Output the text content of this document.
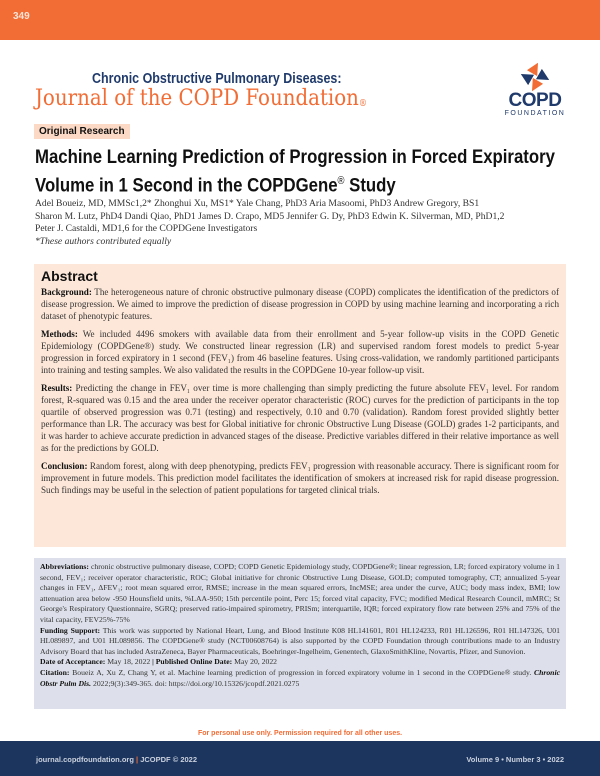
349
Chronic Obstructive Pulmonary Diseases:
Journal of the COPD Foundation®	COPD
FOUNDATION
Original Research
Machine Learning Prediction of Progression in Forced Expiratory Volume in 1 Second in the COPDGene® Study
Adel Boueiz, MD, MMSc1,2* Zhonghui Xu, MS1* Yale Chang, PhD3 Aria Masoomi, PhD3 Andrew Gregory, BS1
Sharon M. Lutz, PhD4 Dandi Qiao, PhD1 James D. Crapo, MD5 Jennifer G. Dy, PhD3 Edwin K. Silverman, MD, PhD1,2
Peter J. Castaldi, MD1,6 for the COPDGene Investigators
*These authors contributed equally
Abstract

Background: The heterogeneous nature of chronic obstructive pulmonary disease (COPD) complicates the identification of the predictors of disease progression. We aimed to improve the prediction of disease progression in COPD by using machine learning and incorporating a rich dataset of phenotypic features.

Methods: We included 4496 smokers with available data from their enrollment and 5-year follow-up visits in the COPD Genetic Epidemiology (COPDGene®) study. We constructed linear regression (LR) and supervised random forest models to predict 5-year progression in forced expiratory in 1 second (FEV₁) from 46 baseline features. Using cross-validation, we randomly partitioned participants into training and testing samples. We also validated the results in the COPDGene 10-year follow-up visit.

Results: Predicting the change in FEV₁ over time is more challenging than simply predicting the future absolute FEV₁ level. For random forest, R-squared was 0.15 and the area under the receiver operator characteristic (ROC) curves for the prediction of participants in the top quartile of observed progression was 0.71 (testing) and respectively, 0.10 and 0.70 (validation). Random forest provided slightly better performance than LR. The accuracy was best for Global initiative for chronic Obstructive Lung Disease (GOLD) grades 1-2 participants, and it was harder to achieve accurate prediction in advanced stages of the disease. Predictive variables differed in their relative importance as well as for the predictions by GOLD.

Conclusion: Random forest, along with deep phenotyping, predicts FEV₁ progression with reasonable accuracy. There is significant room for improvement in future models. This prediction model facilitates the identification of smokers at increased risk for rapid disease progression. Such findings may be useful in the selection of patient populations for targeted clinical trials.

Abbreviations: chronic obstructive pulmonary disease, COPD; COPD Genetic Epidemiology study, COPDGene®; linear regression, LR; forced expiratory volume in 1 second, FEV₁; receiver operator characteristic, ROC; Global initiative for chronic Obstructive Lung Disease, GOLD; computed tomography, CT; annualized 5-year changes in FEV₁, ΔFEV₁; root mean squared error, RMSE; increase in the mean squared errors, IncMSE; area under the curve, AUC; body mass index, BMI; low attenuation area below -950 Hounsfield units, %LAA-950; 15th percentile point, Perc 15; forced vital capacity, FVC; modified Medical Research Council, mMRC; St George's Respiratory Questionnaire, SGRQ; preserved ratio-impaired spirometry, PRISm; interquartile, IQR; forced expiratory flow rate between 25% and 75% of the vital capacity, FEV25%-75%

Funding Support: This work was supported by National Heart, Lung, and Blood Institute K08 HL141601, R01 HL124233, R01 HL126596, R01 HL147326, U01 HL089897, and U01 HL089856. The COPDGene® study (NCT00608764) is also supported by the COPD Foundation through contributions made to an Industry Advisory Board that has included AstraZeneca, Bayer Pharmaceuticals, Boehringer-Ingelheim, Genentech, GlaxoSmithKline, Novartis, Pfizer, and Sunovion.

Date of Acceptance: May 18, 2022 | Published Online Date: May 20, 2022

Citation: Boueiz A, Xu Z, Chang Y, et al. Machine learning prediction of progression in forced expiratory volume in 1 second in the COPDGene® study. Chronic Obstr Pulm Dis. 2022;9(3):349-365. doi: https://doi.org/10.15326/jcopdf.2021.0275

For personal use only. Permission required for all other uses.
journal.copdfoundation.org | JCOPDF © 2022	Volume 9 • Number 3 • 2022
